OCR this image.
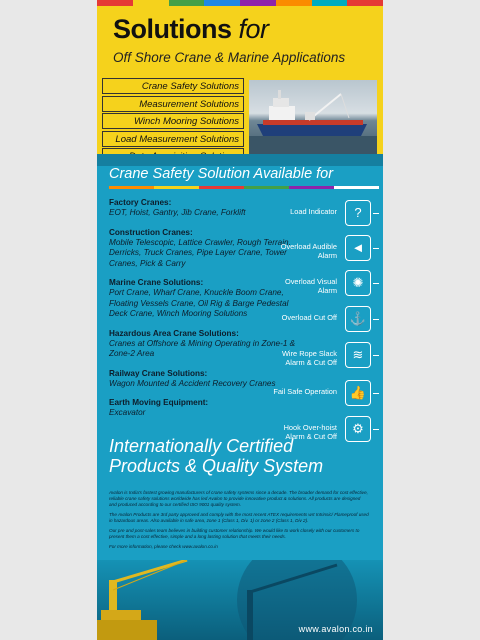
Solutions for
Off Shore Crane & Marine Applications
Crane Safety Solutions
Measurement Solutions
Winch Mooring Solutions
Load Measurement Solutions
Crane Safety Solution Available for
Factory Cranes:
EOT, Hoist, Gantry, Jib Crane, Forklift
Construction Cranes:
Mobile Telescopic, Lattice Crawler, Rough Terrain, Derricks, Truck Cranes, Pipe Layer Crane, Tower Cranes, Pick & Carry
Marine Crane Solutions:
Port Crane, Wharf Crane, Knuckle Boom Crane, Floating Vessels Crane, Oil Rig & Barge Pedestal Deck Crane, Winch Mooring Solutions
Hazardous Area Crane Solutions:
Cranes at Offshore & Mining Operating in Zone-1 & Zone-2 Area
Railway Crane Solutions:
Wagon Mounted & Accident Recovery Cranes
Earth Moving Equipment:
Excavator
Load Indicator	?
Overload Audible Alarm	◄
Overload Visual Alarm	✺
Overload Cut Off ⚓
Wire Rope Slack Alarm & Cut Off	≋
Fail Safe Operation 👍
Hook Over-hoist Alarm & Cut Off	⚙
Internationally Certified
Products & Quality System

Avalon is India's fastest growing manufacturers of crane safety systems since a decade. The broader demand for cost effective, reliable crane safety solutions worldwide has led Avalon to provide innovative product & solutions. All products are designed and produced according to our certified ISO 9001 quality system.

The Avalon Products are 3rd party approved and comply with the most recent ATEX requirements wrt Intrinsic/ Flameproof used in hazardous areas. Also available in safe area, zone 1 (Class 1, Div. 1) or zone 2 (Class 1, Div 2).

Our pre and post-sales team believes in building customer relationship. We would like to work closely with our customers to present them a cost effective, simple and a long lasting solution that meets their needs.

For more information, please check www.avalon.co.in

www.avalon.co.in
